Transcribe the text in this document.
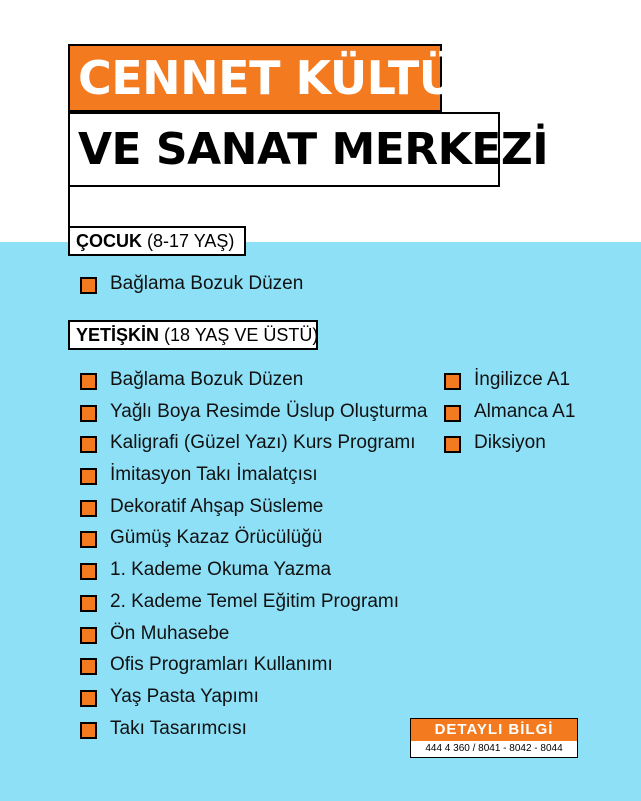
CENNET KÜLTÜR
VE SANAT MERKEZİ
ÇOCUK (8-17 YAŞ)
Bağlama Bozuk Düzen
YETİŞKİN (18 YAŞ VE ÜSTÜ)
Bağlama Bozuk Düzen
Yağlı Boya Resimde Üslup Oluşturma
Kaligrafi (Güzel Yazı) Kurs Programı
İmitasyon Takı İmalatçısı
Dekoratif Ahşap Süsleme
Gümüş Kazaz Örücülüğü
1. Kademe Okuma Yazma
2. Kademe Temel Eğitim Programı
Ön Muhasebe
Ofis Programları Kullanımı
Yaş Pasta Yapımı
Takı Tasarımcısı
İngilizce A1
Almanca A1
Diksiyon
DETAYLI BİLGİ
444 4 360 / 8041 - 8042 - 8044
